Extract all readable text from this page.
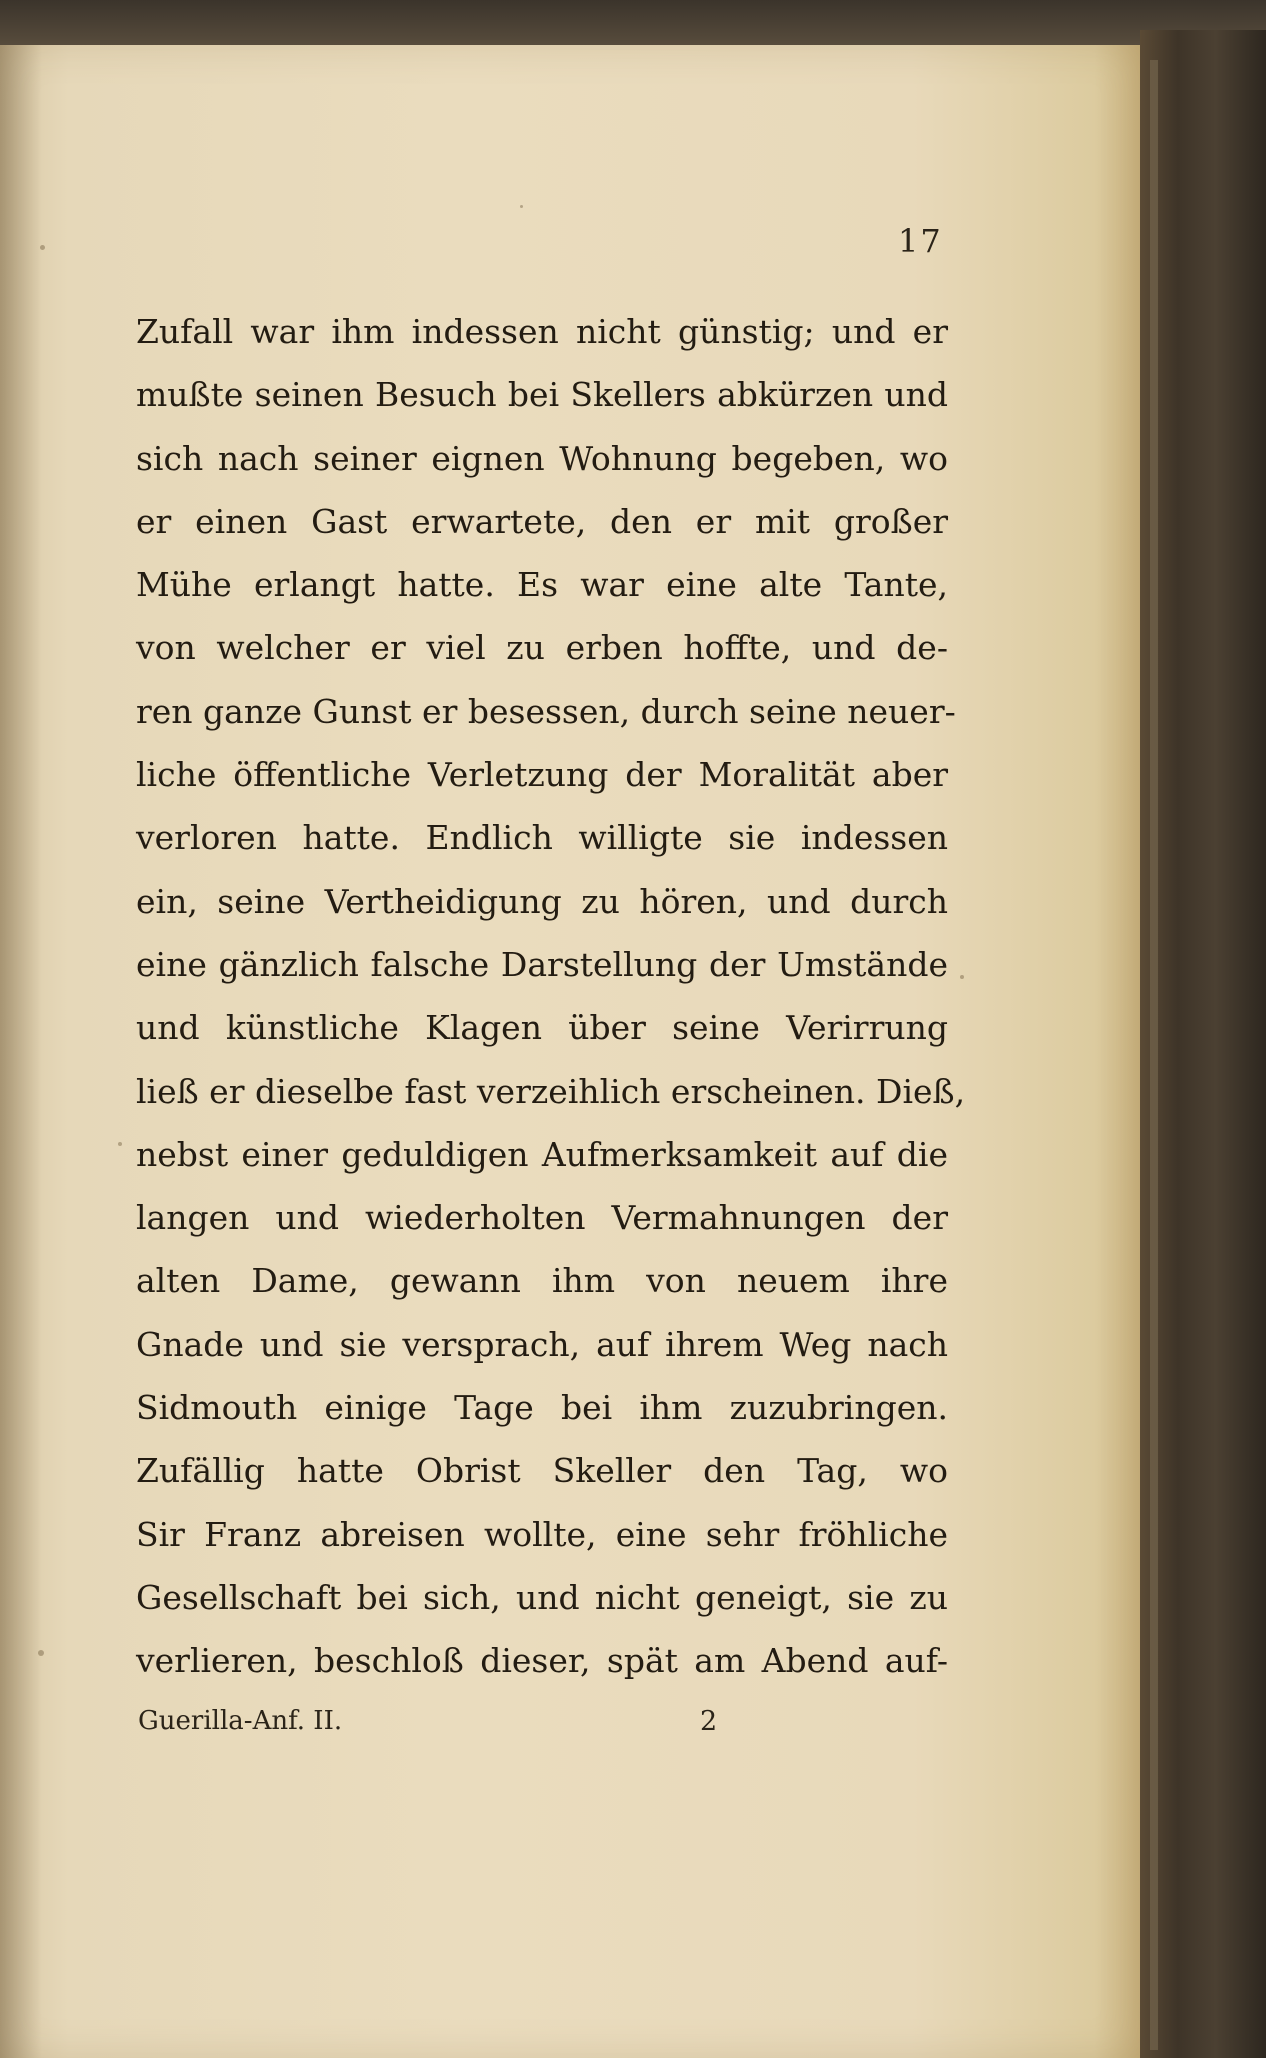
17
Zufall war ihm indessen nicht günstig; und er
mußte seinen Besuch bei Skellers abkürzen und
sich nach seiner eignen Wohnung begeben, wo
er einen Gast erwartete, den er mit großer
Mühe erlangt hatte. Es war eine alte Tante,
von welcher er viel zu erben hoffte, und de-
ren ganze Gunst er besessen, durch seine neuer-
liche öffentliche Verletzung der Moralität aber
verloren hatte. Endlich willigte sie indessen
ein, seine Vertheidigung zu hören, und durch
eine gänzlich falsche Darstellung der Umstände
und künstliche Klagen über seine Verirrung
ließ er dieselbe fast verzeihlich erscheinen. Dieß,
nebst einer geduldigen Aufmerksamkeit auf die
langen und wiederholten Vermahnungen der
alten Dame, gewann ihm von neuem ihre
Gnade und sie versprach, auf ihrem Weg nach
Sidmouth einige Tage bei ihm zuzubringen.
Zufällig hatte Obrist Skeller den Tag, wo
Sir Franz abreisen wollte, eine sehr fröhliche
Gesellschaft bei sich, und nicht geneigt, sie zu
verlieren, beschloß dieser, spät am Abend auf-
Guerilla-Anf. II.	2
